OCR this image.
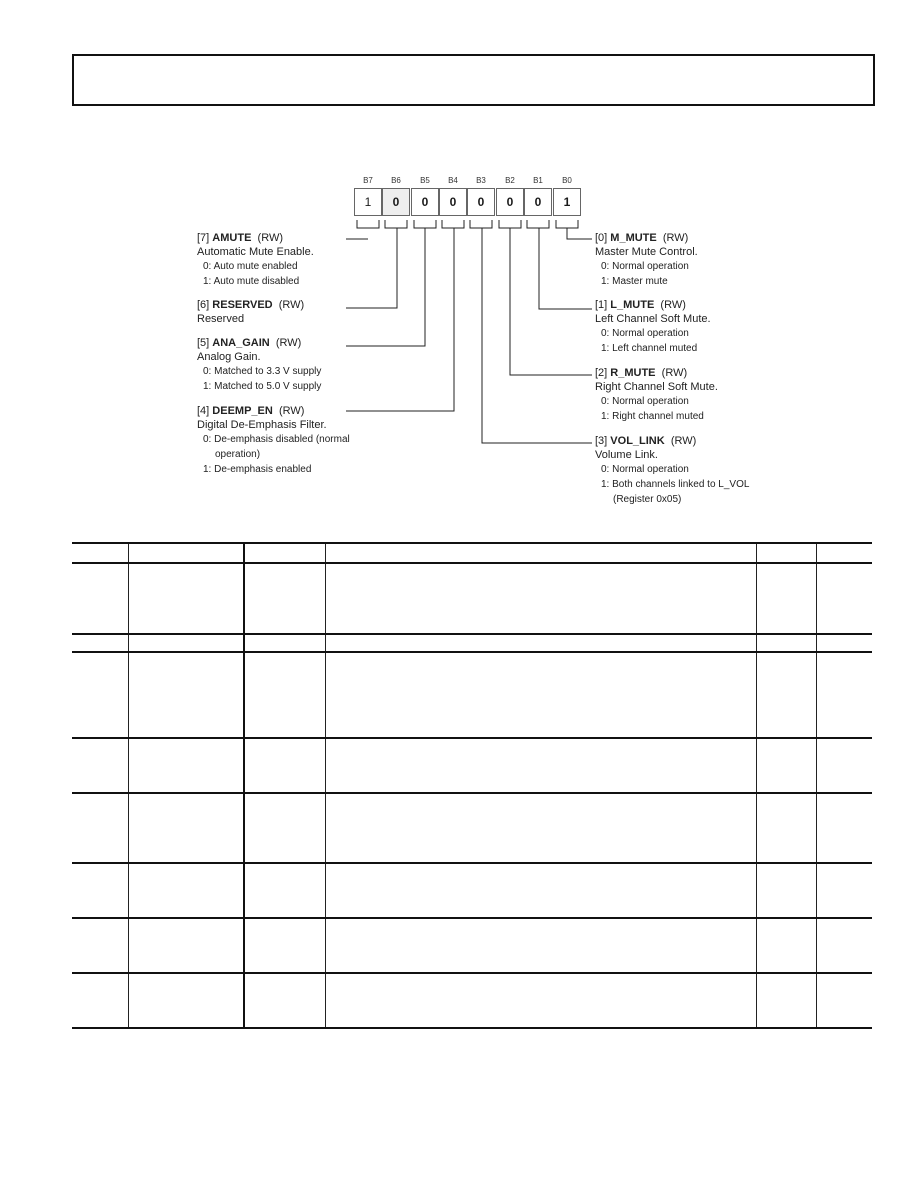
B7	B6	B5	B4	B3	B2	B1	B0
1	0	0	0	0	0	0	1
[7] AMUTE (RW)
Automatic Mute Enable.
0: Auto mute enabled
1: Auto mute disabled
[6] RESERVED (RW)
Reserved
[5] ANA_GAIN (RW)
Analog Gain.
0: Matched to 3.3 V supply
1: Matched to 5.0 V supply
[4] DEEMP_EN (RW)
Digital De-Emphasis Filter.
0: De-emphasis disabled (normal
operation)
1: De-emphasis enabled
[0] M_MUTE (RW)
Master Mute Control.
0: Normal operation
1: Master mute
[1] L_MUTE (RW)
Left Channel Soft Mute.
0: Normal operation
1: Left channel muted
[2] R_MUTE (RW)
Right Channel Soft Mute.
0: Normal operation
1: Right channel muted
[3] VOL_LINK (RW)
Volume Link.
0: Normal operation
1: Both channels linked to L_VOL
(Register 0x05)
